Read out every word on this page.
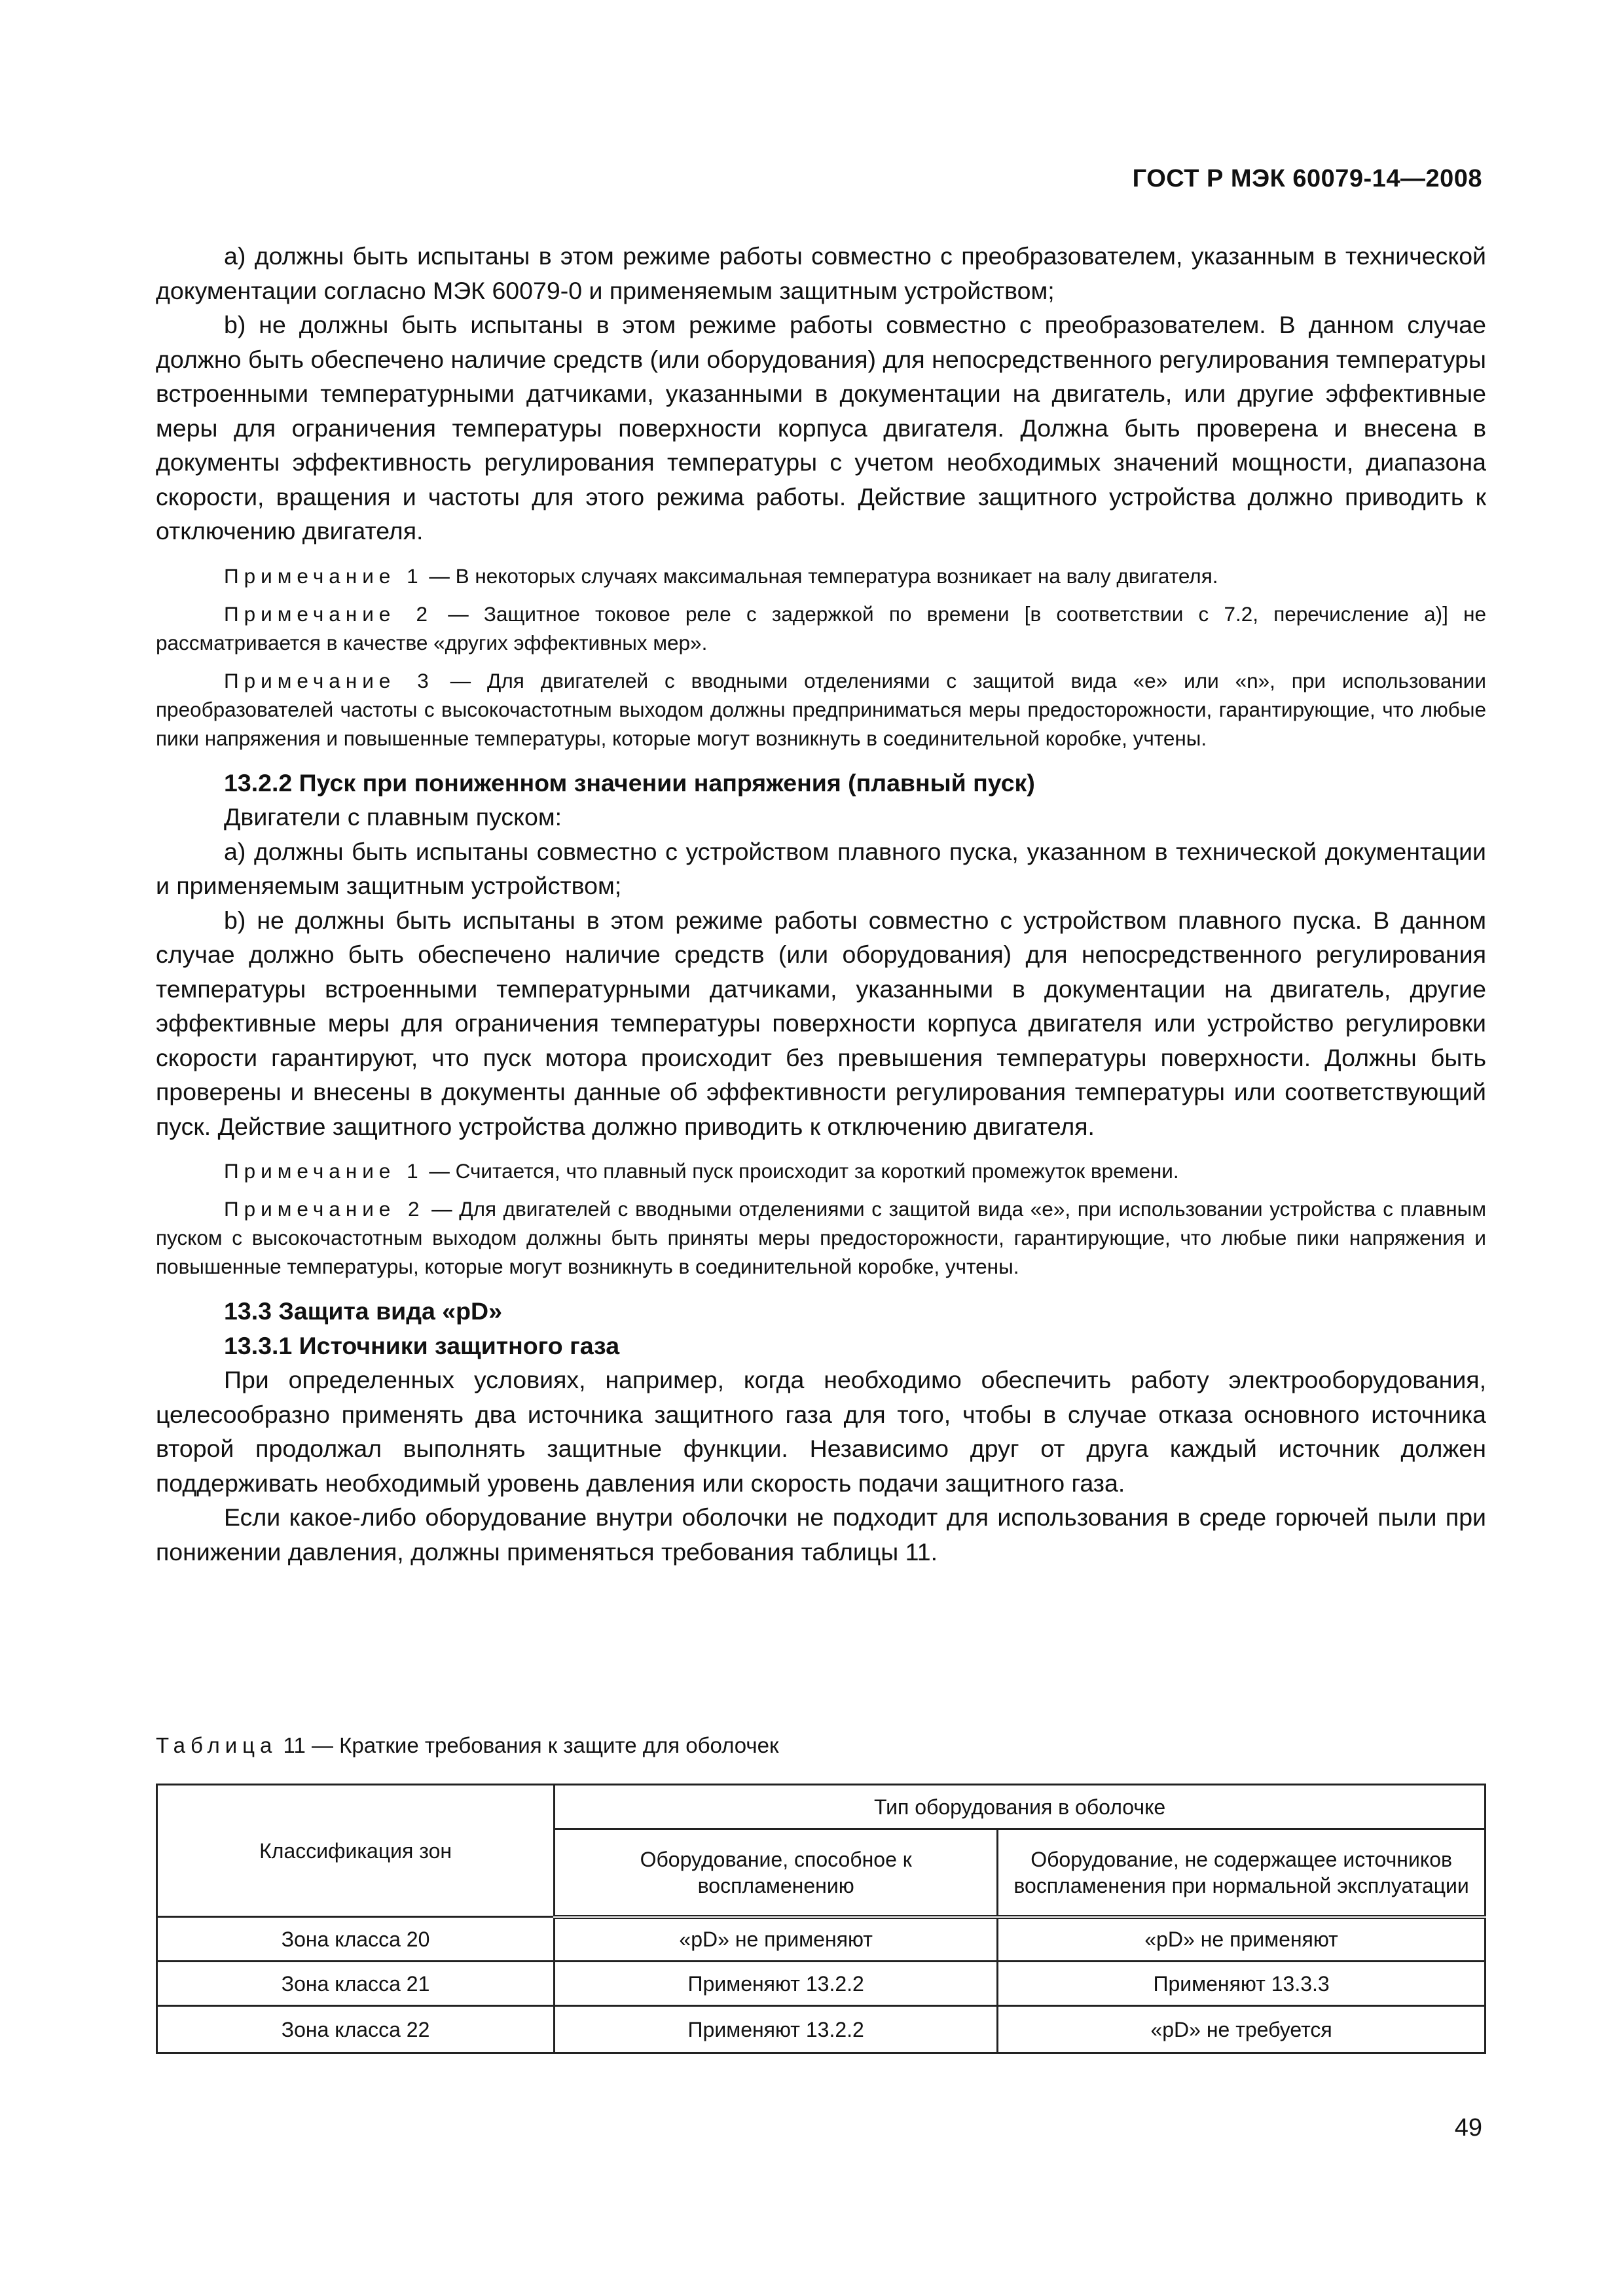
ГОСТ Р МЭК 60079-14—2008

a) должны быть испытаны в этом режиме работы совместно с преобразователем, указанным в технической документации согласно МЭК 60079-0 и применяемым защитным устройством;

b) не должны быть испытаны в этом режиме работы совместно с преобразователем. В данном случае должно быть обеспечено наличие средств (или оборудования) для непосредственного регулирования температуры встроенными температурными датчиками, указанными в документации на двигатель, или другие эффективные меры для ограничения температуры поверхности корпуса двигателя. Должна быть проверена и внесена в документы эффективность регулирования температуры с учетом необходимых значений мощности, диапазона скорости, вращения и частоты для этого режима работы. Действие защитного устройства должно приводить к отключению двигателя.

Примечание 1 — В некоторых случаях максимальная температура возникает на валу двигателя.

Примечание 2 — Защитное токовое реле с задержкой по времени [в соответствии с 7.2, перечисление a)] не рассматривается в качестве «других эффективных мер».

Примечание 3 — Для двигателей с вводными отделениями с защитой вида «е» или «n», при использовании преобразователей частоты с высокочастотным выходом должны предприниматься меры предосторожности, гарантирующие, что любые пики напряжения и повышенные температуры, которые могут возникнуть в соединительной коробке, учтены.

13.2.2 Пуск при пониженном значении напряжения (плавный пуск)

Двигатели с плавным пуском:

a) должны быть испытаны совместно с устройством плавного пуска, указанном в технической документации и применяемым защитным устройством;

b) не должны быть испытаны в этом режиме работы совместно с устройством плавного пуска. В данном случае должно быть обеспечено наличие средств (или оборудования) для непосредственного регулирования температуры встроенными температурными датчиками, указанными в документации на двигатель, другие эффективные меры для ограничения температуры поверхности корпуса двигателя или устройство регулировки скорости гарантируют, что пуск мотора происходит без превышения температуры поверхности. Должны быть проверены и внесены в документы данные об эффективности регулирования температуры или соответствующий пуск. Действие защитного устройства должно приводить к отключению двигателя.

Примечание 1 — Считается, что плавный пуск происходит за короткий промежуток времени.

Примечание 2 — Для двигателей с вводными отделениями с защитой вида «е», при использовании устройства с плавным пуском с высокочастотным выходом должны быть приняты меры предосторожности, гарантирующие, что любые пики напряжения и повышенные температуры, которые могут возникнуть в соединительной коробке, учтены.

13.3 Защита вида «pD»

13.3.1 Источники защитного газа

При определенных условиях, например, когда необходимо обеспечить работу электрооборудования, целесообразно применять два источника защитного газа для того, чтобы в случае отказа основного источника второй продолжал выполнять защитные функции. Независимо друг от друга каждый источник должен поддерживать необходимый уровень давления или скорость подачи защитного газа.

Если какое-либо оборудование внутри оболочки не подходит для использования в среде горючей пыли при понижении давления, должны применяться требования таблицы 11.

Таблица 11 — Краткие требования к защите для оболочек
Классификация зон	Тип оборудования в оболочке	
	Оборудование, способное к воспламенению	Оборудование, не содержащее источников воспламенения при нормальной эксплуатации
Зона класса 20	«pD» не применяют	«pD» не применяют
Зона класса 21	Применяют 13.2.2	Применяют 13.3.3
Зона класса 22	Применяют 13.2.2	«pD» не требуется
49
